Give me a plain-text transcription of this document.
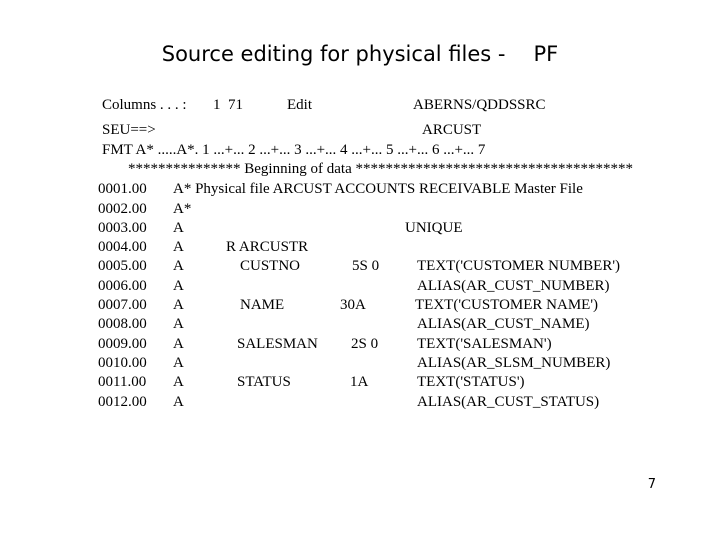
Source editing for physical files - PF
Columns . . . : 1  71	Edit	ABERNS/QDDSSRC
SEU==>	ARCUST
FMT A* .....A*. 1 ...+... 2 ...+... 3 ...+... 4 ...+... 5 ...+... 6 ...+... 7
*************** Beginning of data *************************************
0001.00 A* Physical file ARCUST ACCOUNTS RECEIVABLE Master File
0002.00 A*
0003.00 A	UNIQUE
0004.00 A	R ARCUSTR
0005.00 A	CUSTNO	5S 0	TEXT('CUSTOMER NUMBER')
0006.00 A	ALIAS(AR_CUST_NUMBER)
0007.00 A	NAME	30A	TEXT('CUSTOMER NAME')
0008.00 A	ALIAS(AR_CUST_NAME)
0009.00 A	SALESMAN 2S 0	TEXT('SALESMAN')
0010.00 A	ALIAS(AR_SLSM_NUMBER)
0011.00 A	STATUS	1A	TEXT('STATUS')
0012.00 A	ALIAS(AR_CUST_STATUS)
7
